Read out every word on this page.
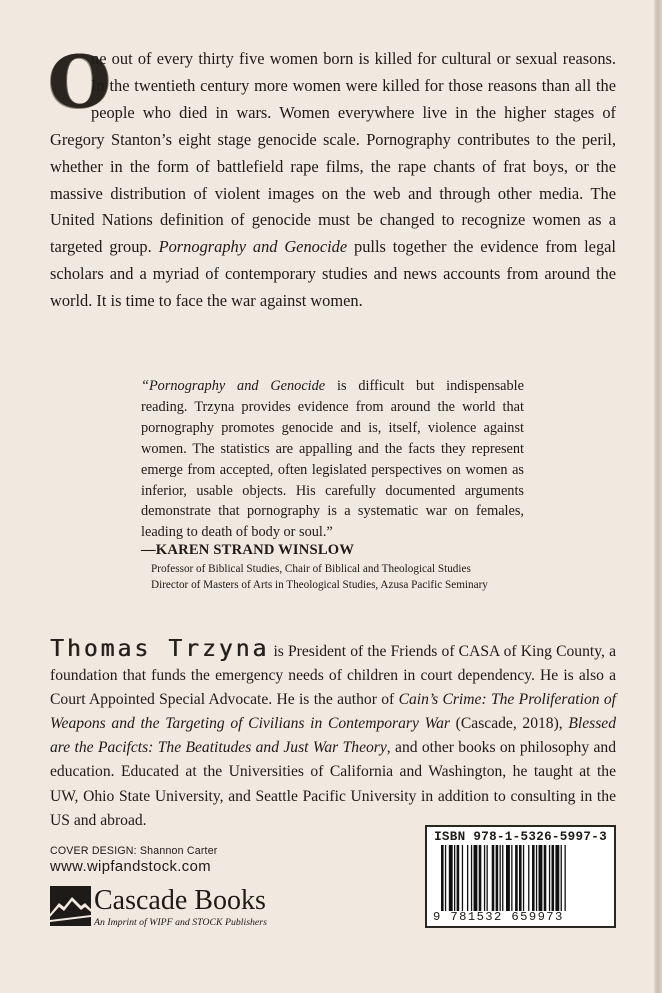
O
ne out of every thirty five women born is killed for cultural or sexual reasons. In the twentieth century more women were killed for those reasons than all the people who died in wars. Women everywhere live in the higher stages of Gregory Stanton’s eight stage genocide scale. Pornography contributes to the peril, whether in the form of battlefield rape films, the rape chants of frat boys, or the massive distribution of violent images on the web and through other media. The United Nations definition of genocide must be changed to recognize women as a targeted group. Pornography and Genocide pulls together the evidence from legal scholars and a myriad of contemporary studies and news accounts from around the world. It is time to face the war against women.
“Pornography and Genocide is difficult but indispensable reading. Trzyna provides evidence from around the world that pornography promotes genocide and is, itself, violence against women. The statistics are appalling and the facts they represent emerge from accepted, often legislated perspectives on women as inferior, usable objects. His carefully documented arguments demonstrate that pornography is a systematic war on females, leading to death of body or soul.”
—KAREN STRAND WINSLOW
Professor of Biblical Studies, Chair of Biblical and Theological Studies
Director of Masters of Arts in Theological Studies, Azusa Pacific Seminary
Thomas Trzyna is President of the Friends of CASA of King County, a foundation that funds the emergency needs of children in court dependency. He is also a Court Appointed Special Advocate. He is the author of Cain’s Crime: The Proliferation of Weapons and the Targeting of Civilians in Contemporary War (Cascade, 2018), Blessed are the Pacifcts: The Beatitudes and Just War Theory, and other books on philosophy and education. Educated at the Universities of California and Washington, he taught at the UW, Ohio State University, and Seattle Pacific University in addition to consulting in the US and abroad.
COVER DESIGN: Shannon Carter
www.wipfandstock.com
Cascade Books
An Imprint of WIPF and STOCK Publishers
ISBN 978-1-5326-5997-3
9 781532 659973
